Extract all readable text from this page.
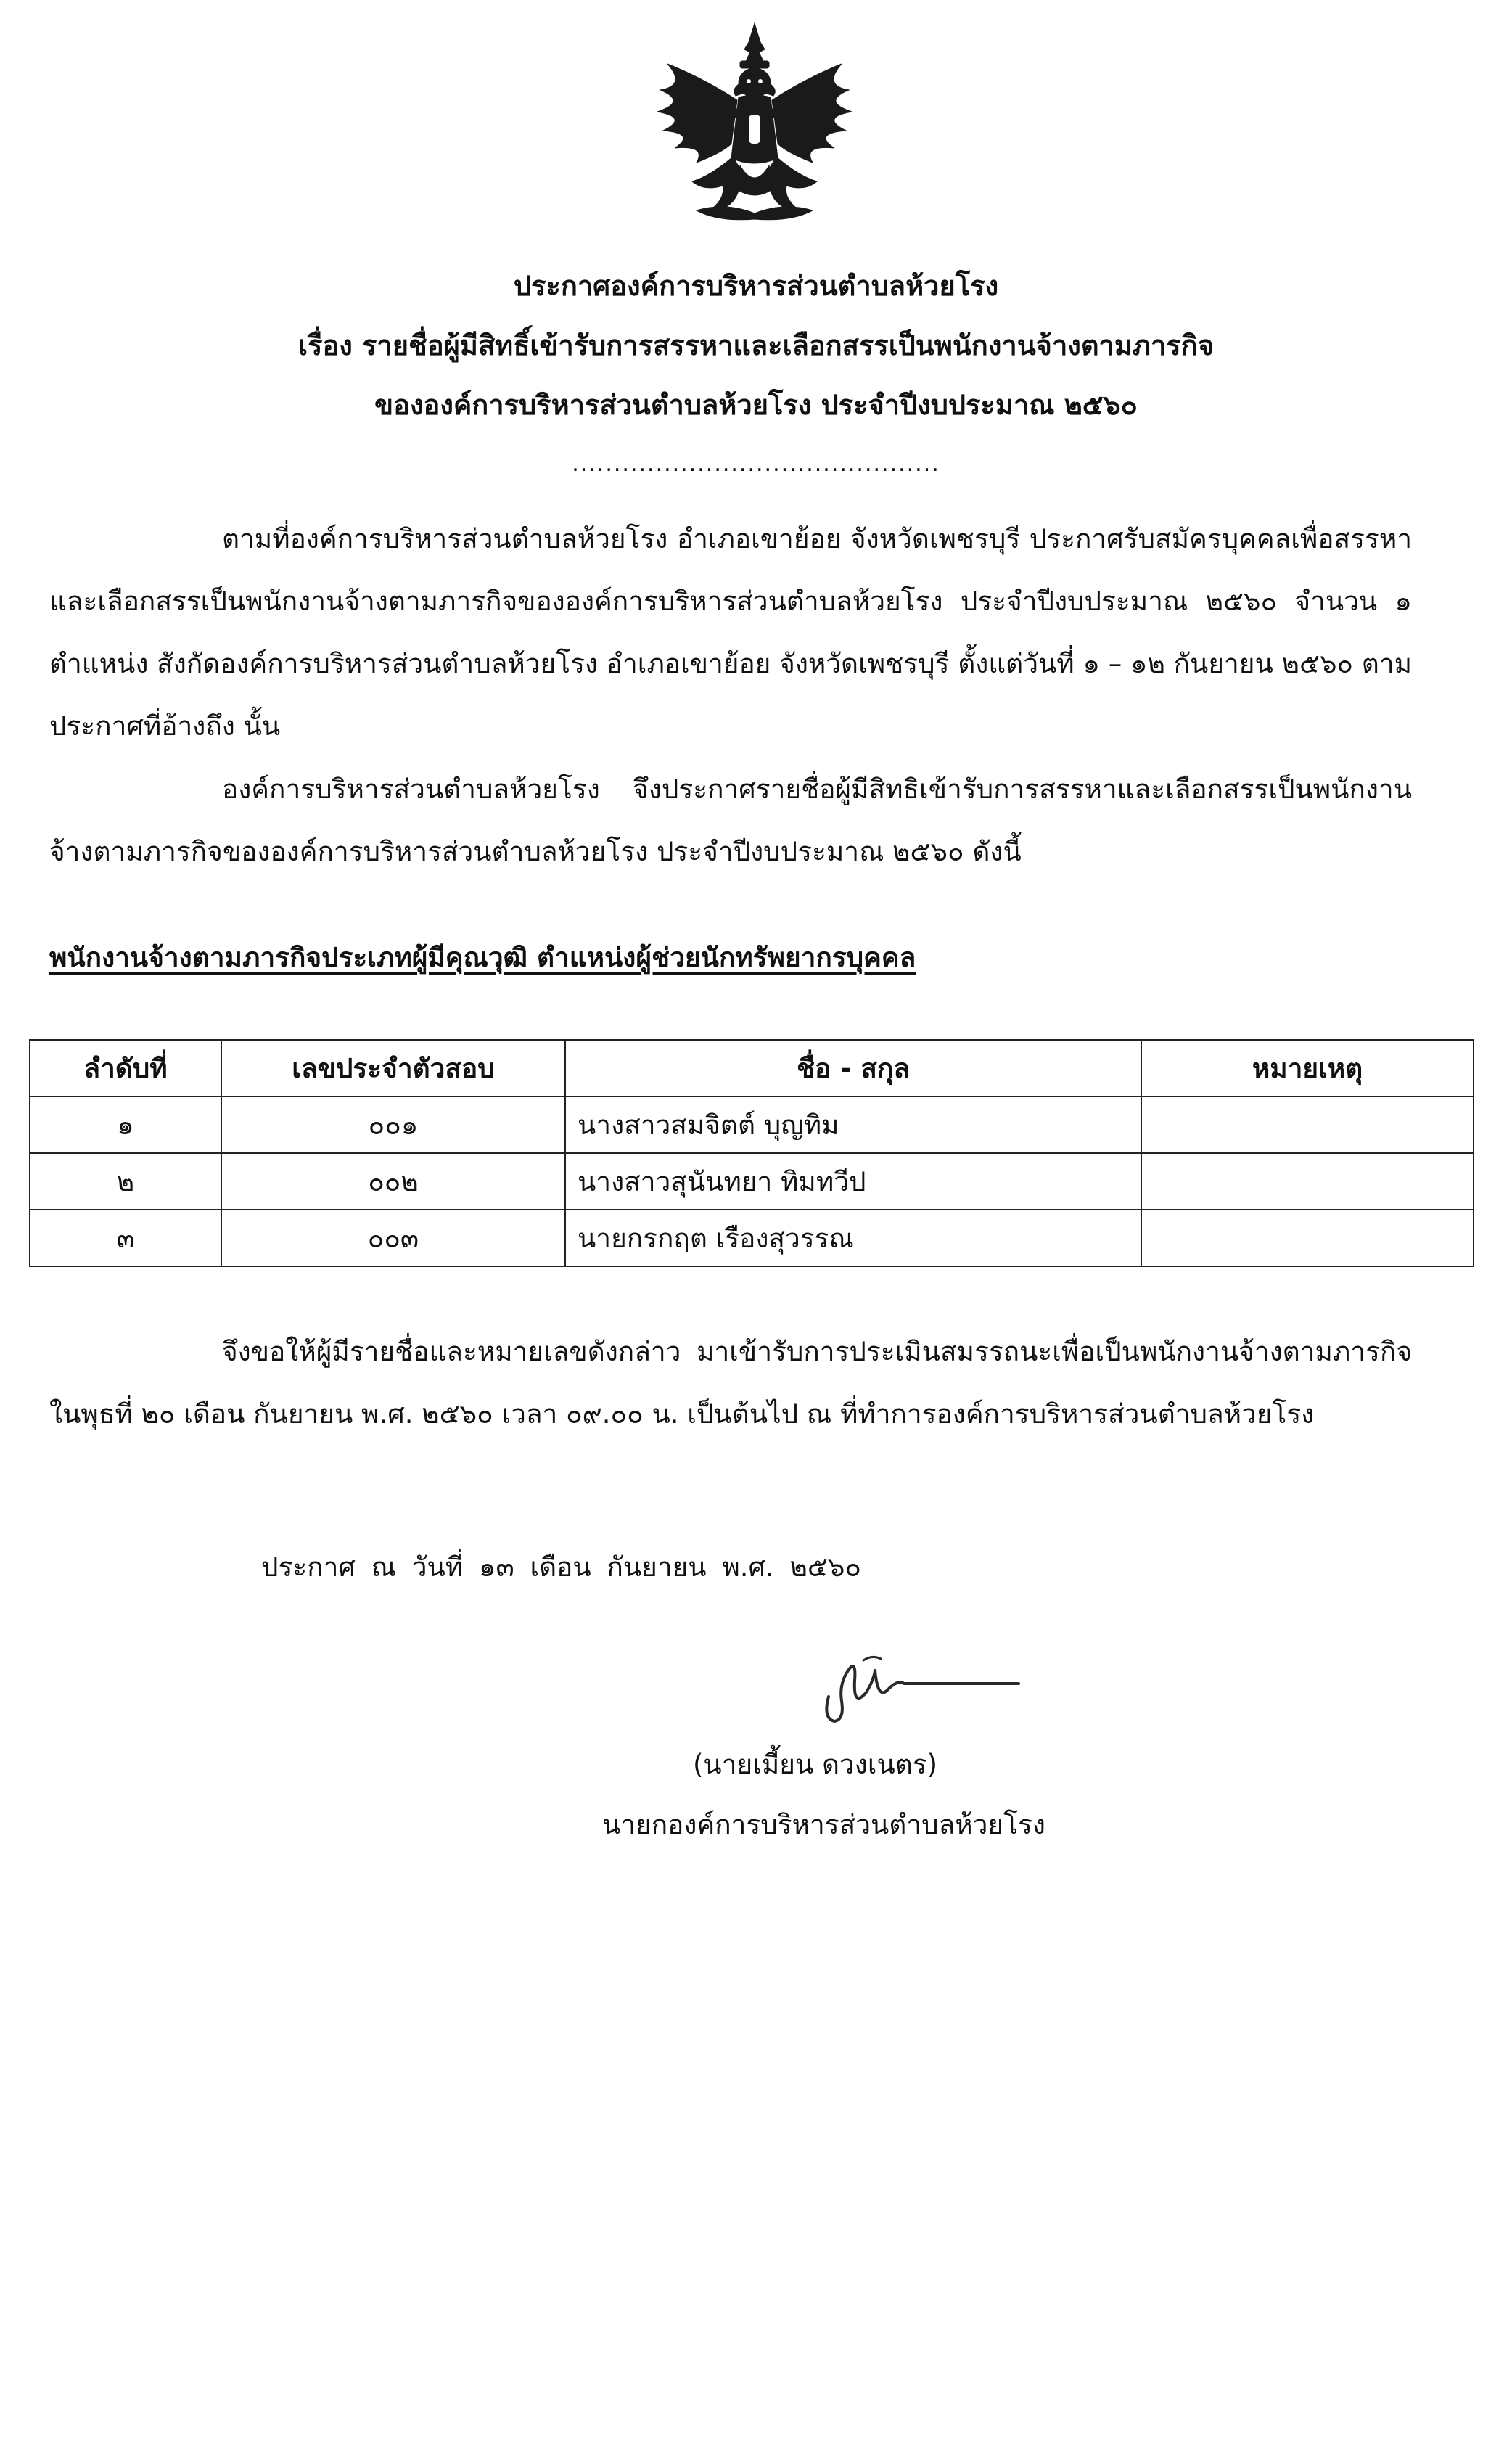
ประกาศองค์การบริหารส่วนตำบลห้วยโรง
เรื่อง รายชื่อผู้มีสิทธิ์เข้ารับการสรรหาและเลือกสรรเป็นพนักงานจ้างตามภารกิจ
ขององค์การบริหารส่วนตำบลห้วยโรง ประจำปีงบประมาณ ๒๕๖๐
............................................
ตามที่องค์การบริหารส่วนตำบลห้วยโรง อำเภอเขาย้อย จังหวัดเพชรบุรี ประกาศรับสมัครบุคคลเพื่อสรรหาและเลือกสรรเป็นพนักงานจ้างตามภารกิจขององค์การบริหารส่วนตำบลห้วยโรง ประจำปีงบประมาณ ๒๕๖๐ จำนวน ๑ ตำแหน่ง สังกัดองค์การบริหารส่วนตำบลห้วยโรง อำเภอเขาย้อย จังหวัดเพชรบุรี ตั้งแต่วันที่ ๑ – ๑๒ กันยายน ๒๕๖๐ ตามประกาศที่อ้างถึง นั้น
องค์การบริหารส่วนตำบลห้วยโรง จึงประกาศรายชื่อผู้มีสิทธิเข้ารับการสรรหาและเลือกสรรเป็นพนักงานจ้างตามภารกิจขององค์การบริหารส่วนตำบลห้วยโรง ประจำปีงบประมาณ ๒๕๖๐ ดังนี้
พนักงานจ้างตามภารกิจประเภทผู้มีคุณวุฒิ ตำแหน่งผู้ช่วยนักทรัพยากรบุคคล
ลำดับที่	เลขประจำตัวสอบ	ชื่อ - สกุล	หมายเหตุ
๑	๐๐๑	นางสาวสมจิตต์ บุญทิม	
๒	๐๐๒	นางสาวสุนันทยา ทิมทวีป	
๓	๐๐๓	นายกรกฤต เรืองสุวรรณ	
จึงขอให้ผู้มีรายชื่อและหมายเลขดังกล่าว มาเข้ารับการประเมินสมรรถนะเพื่อเป็นพนักงานจ้างตามภารกิจ ในพุธที่ ๒๐ เดือน กันยายน พ.ศ. ๒๕๖๐ เวลา ๐๙.๐๐ น. เป็นต้นไป ณ ที่ทำการองค์การบริหารส่วนตำบลห้วยโรง
ประกาศ ณ วันที่ ๑๓ เดือน กันยายน พ.ศ. ๒๕๖๐
(นายเมี้ยน ดวงเนตร)
นายกองค์การบริหารส่วนตำบลห้วยโรง
